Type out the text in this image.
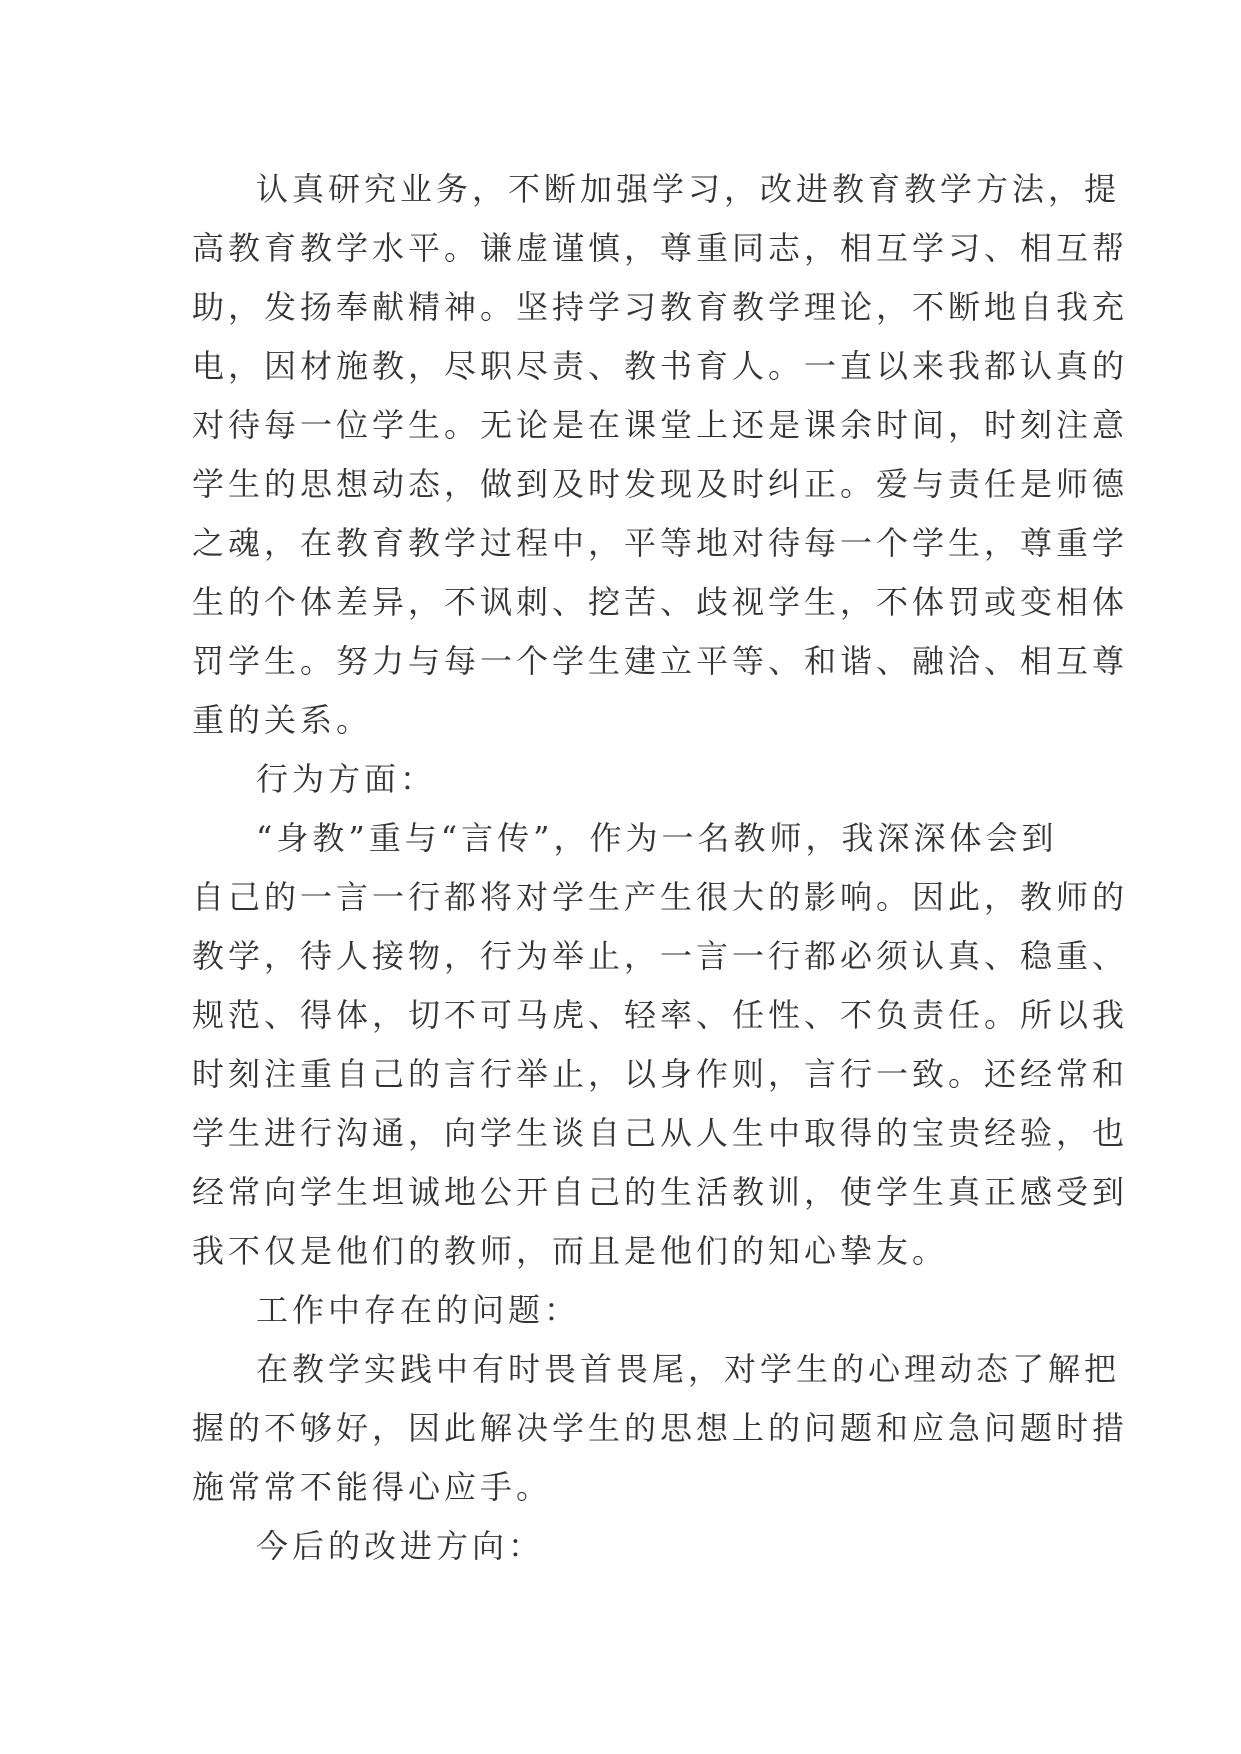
认真研究业务，不断加强学习，改进教育教学方法，提
高教育教学水平。谦虚谨慎，尊重同志，相互学习、相互帮
助，发扬奉献精神。坚持学习教育教学理论，不断地自我充
电，因材施教，尽职尽责、教书育人。一直以来我都认真的
对待每一位学生。无论是在课堂上还是课余时间，时刻注意
学生的思想动态，做到及时发现及时纠正。爱与责任是师德
之魂，在教育教学过程中，平等地对待每一个学生，尊重学
生的个体差异，不讽刺、挖苦、歧视学生，不体罚或变相体
罚学生。努力与每一个学生建立平等、和谐、融洽、相互尊
重的关系。
行为方面：
“身教”重与“言传”，作为一名教师，我深深体会到
自己的一言一行都将对学生产生很大的影响。因此，教师的
教学，待人接物，行为举止，一言一行都必须认真、稳重、
规范、得体，切不可马虎、轻率、任性、不负责任。所以我
时刻注重自己的言行举止，以身作则，言行一致。还经常和
学生进行沟通，向学生谈自己从人生中取得的宝贵经验，也
经常向学生坦诚地公开自己的生活教训，使学生真正感受到
我不仅是他们的教师，而且是他们的知心挚友。
工作中存在的问题：
在教学实践中有时畏首畏尾，对学生的心理动态了解把
握的不够好，因此解决学生的思想上的问题和应急问题时措
施常常不能得心应手。
今后的改进方向：
